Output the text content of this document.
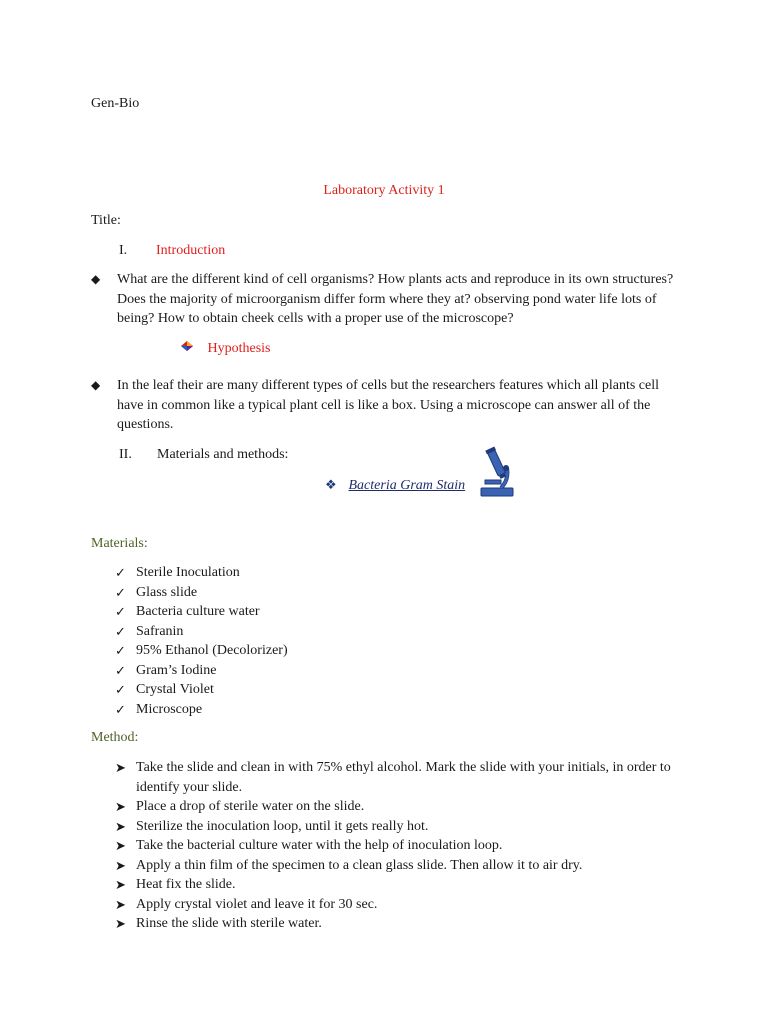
Gen-Bio
Laboratory Activity 1
Title:
I. Introduction
◆	What are the different kind of cell organisms? How plants acts and reproduce in its own structures? Does the majority of microorganism differ form where they at? observing pond water life lots of being? How to obtain cheek cells with a proper use of the microscope?
Hypothesis
◆	In the leaf their are many different types of cells but the researchers features which all plants cell have in common like a typical plant cell is like a box. Using a microscope can answer all of the questions.
II. Materials and methods:
❖ Bacteria Gram Stain
Materials:
✓ Sterile Inoculation
✓ Glass slide
✓ Bacteria culture water
✓ Safranin
✓ 95% Ethanol (Decolorizer)
✓ Gram’s Iodine
✓ Crystal Violet
✓ Microscope
Method:
➤ Take the slide and clean in with 75% ethyl alcohol. Mark the slide with your initials, in order to identify your slide.
➤ Place a drop of sterile water on the slide.
➤ Sterilize the inoculation loop, until it gets really hot.
➤ Take the bacterial culture water with the help of inoculation loop.
➤ Apply a thin film of the specimen to a clean glass slide. Then allow it to air dry.
➤ Heat fix the slide.
➤ Apply crystal violet and leave it for 30 sec.
➤ Rinse the slide with sterile water.
